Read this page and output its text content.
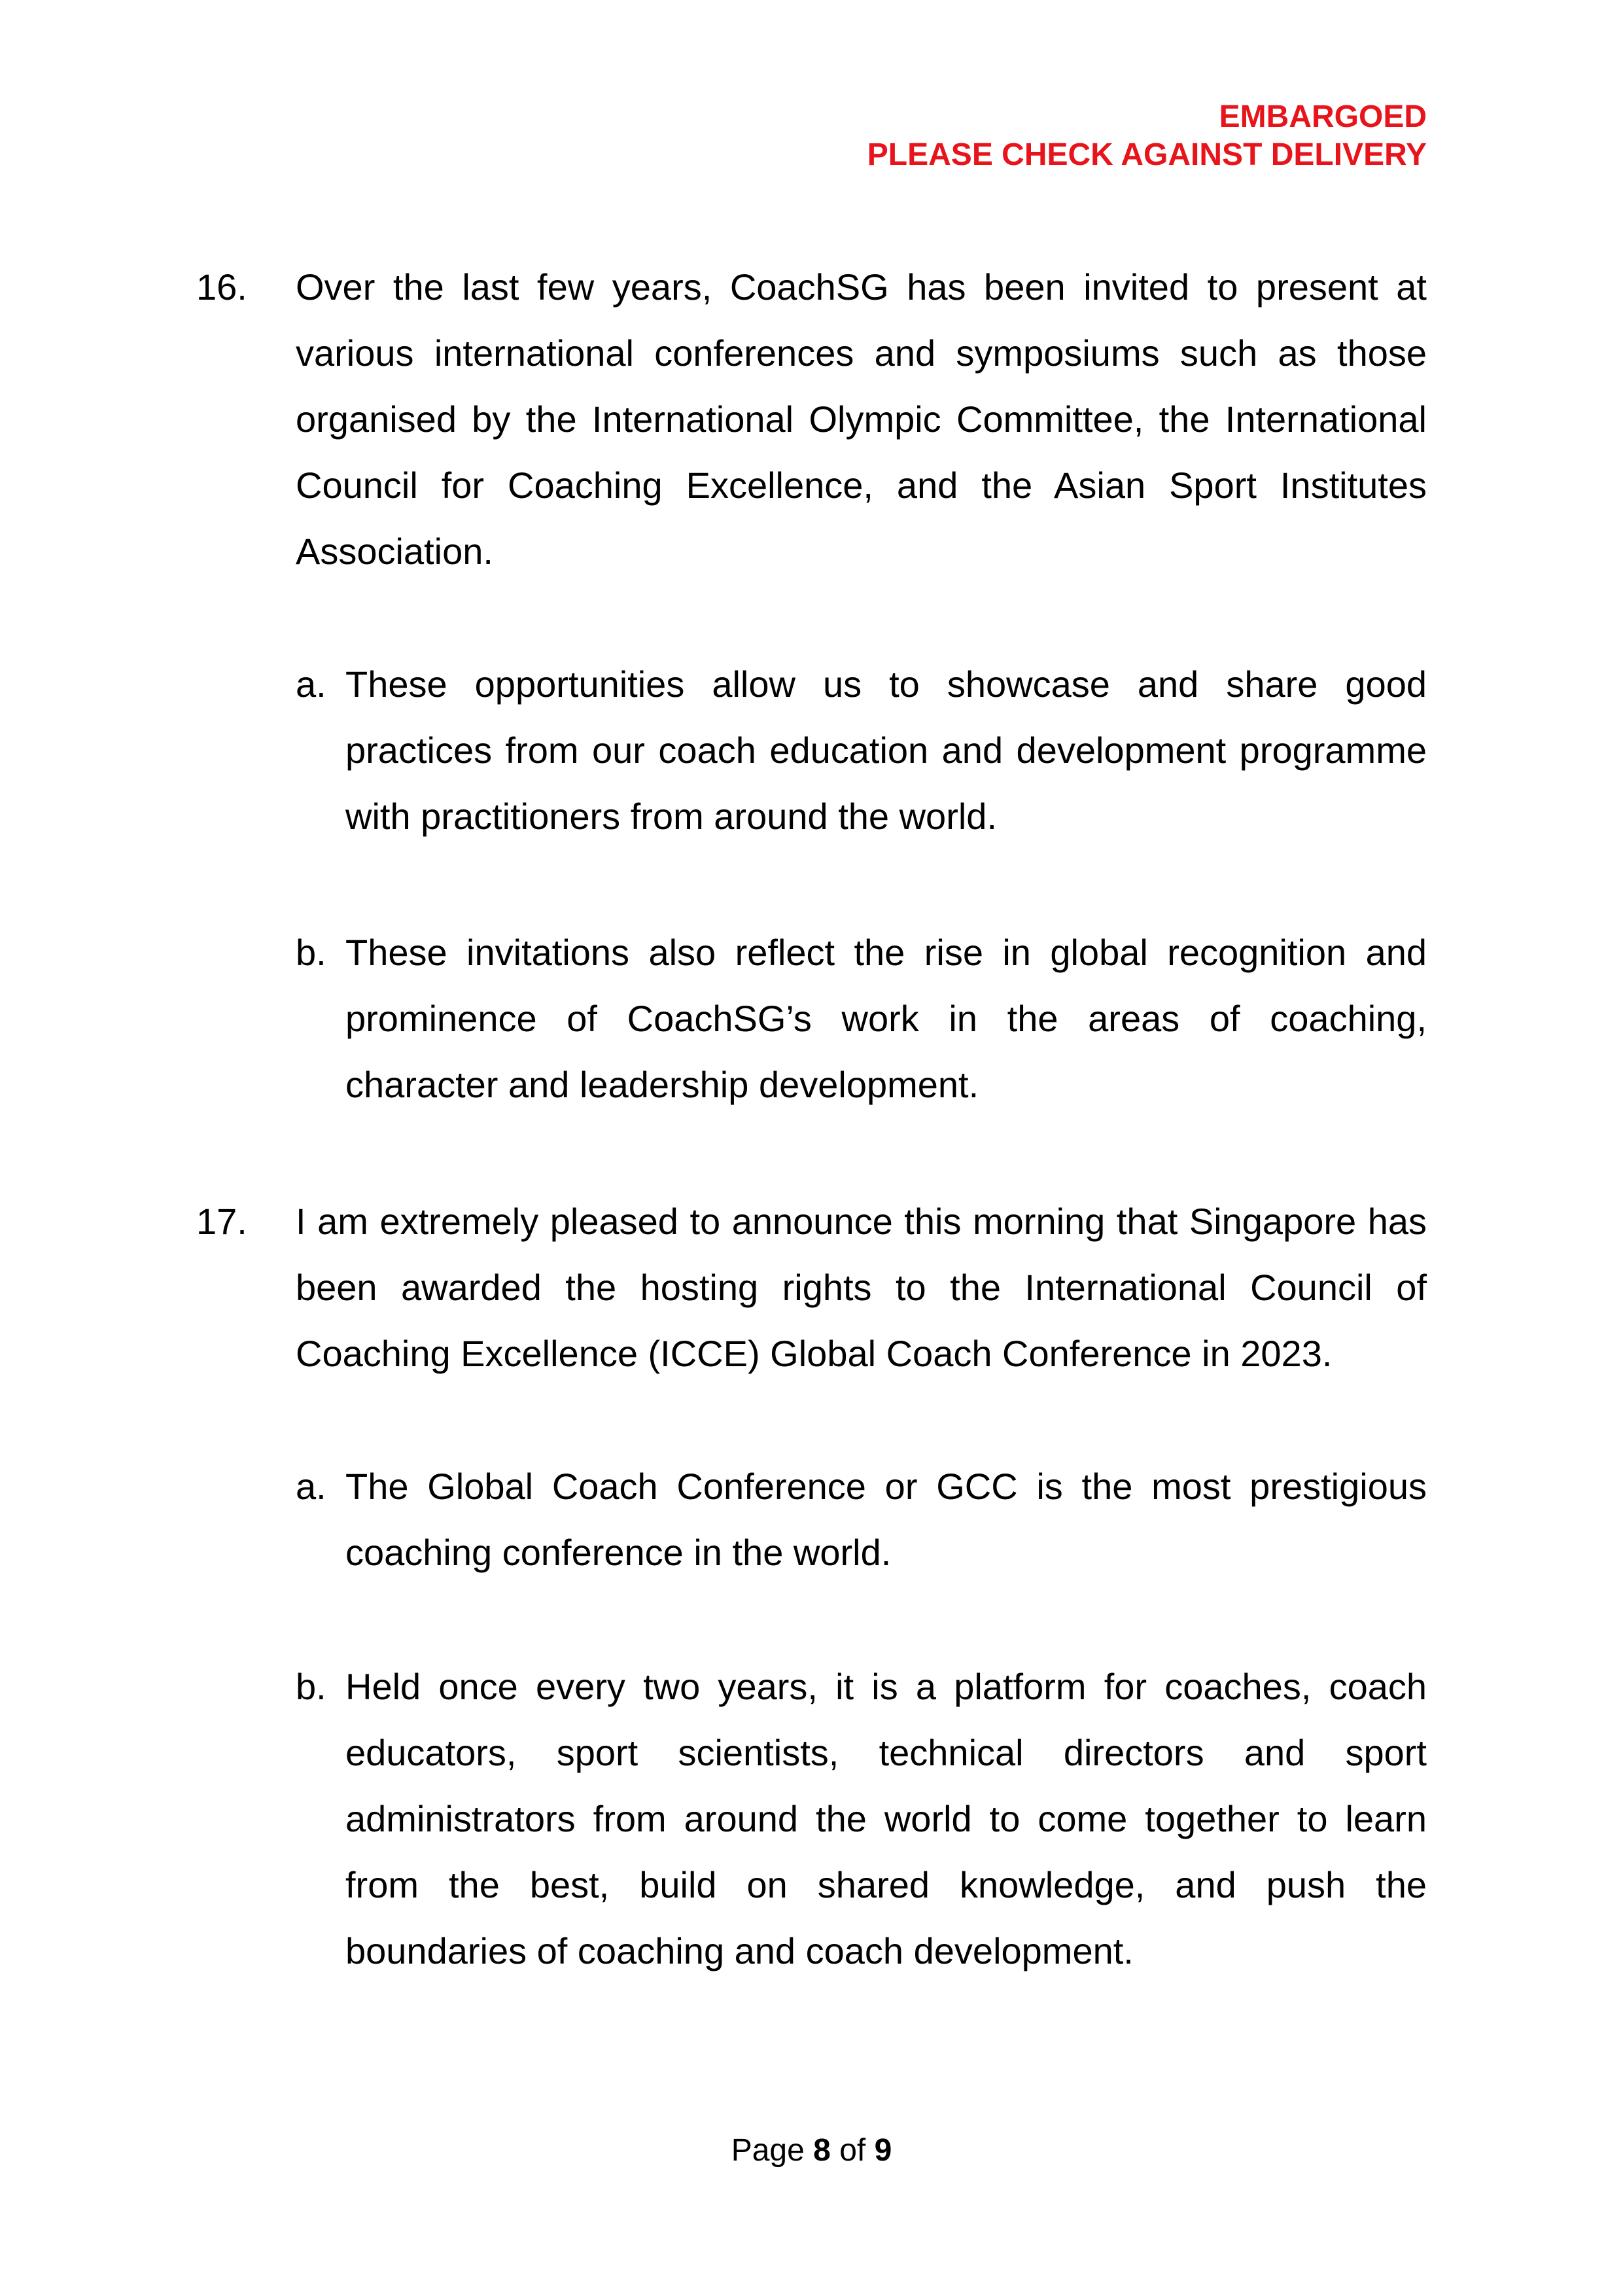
EMBARGOED
PLEASE CHECK AGAINST DELIVERY
16. Over the last few years, CoachSG has been invited to present at various international conferences and symposiums such as those organised by the International Olympic Committee, the International Council for Coaching Excellence, and the Asian Sport Institutes Association.
a. These opportunities allow us to showcase and share good practices from our coach education and development programme with practitioners from around the world.
b. These invitations also reflect the rise in global recognition and prominence of CoachSG’s work in the areas of coaching, character and leadership development.
17. I am extremely pleased to announce this morning that Singapore has been awarded the hosting rights to the International Council of Coaching Excellence (ICCE) Global Coach Conference in 2023.
a. The Global Coach Conference or GCC is the most prestigious coaching conference in the world.
b. Held once every two years, it is a platform for coaches, coach educators, sport scientists, technical directors and sport administrators from around the world to come together to learn from the best, build on shared knowledge, and push the boundaries of coaching and coach development.
Page 8 of 9
